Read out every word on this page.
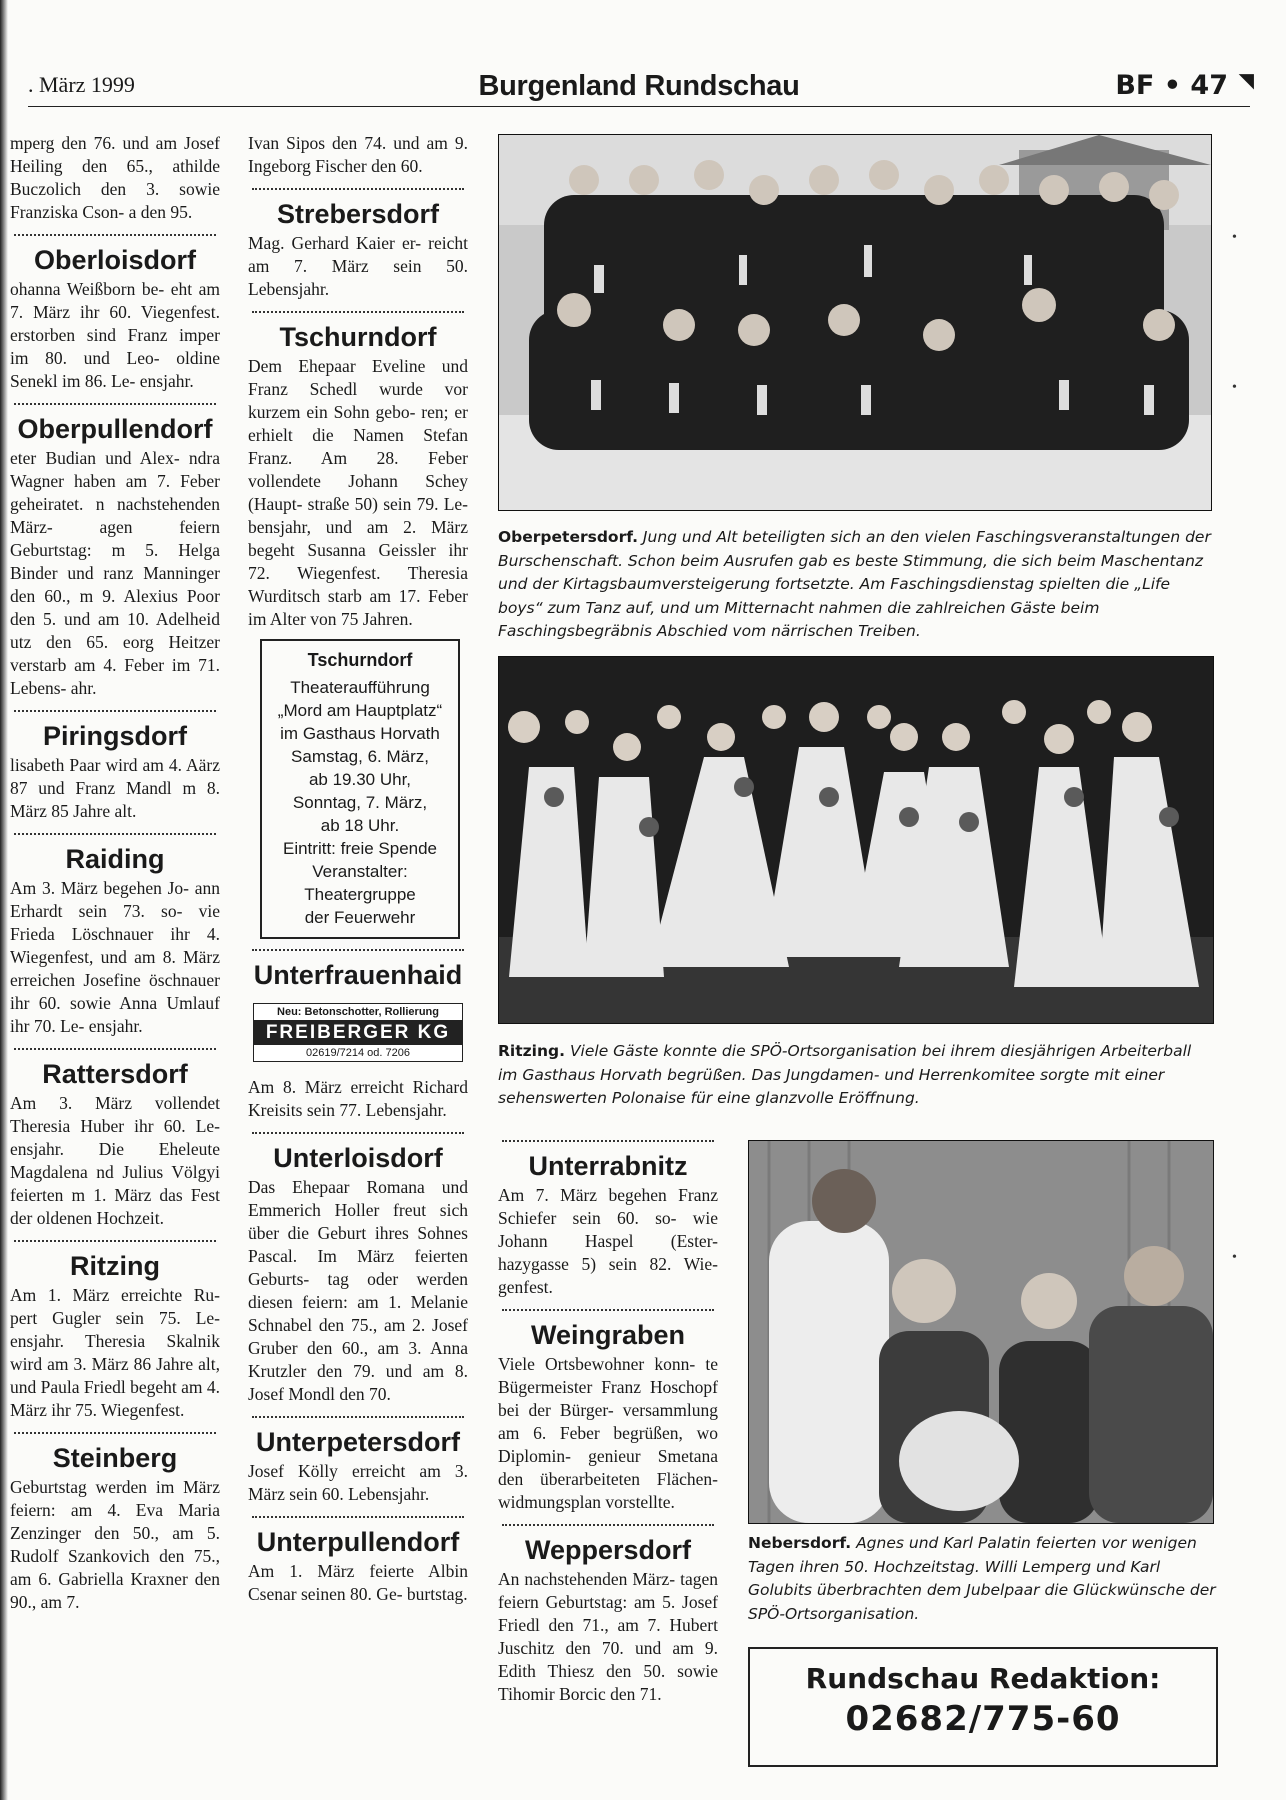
. März 1999	Burgenland Rundschau	BF • 47 ◥

mperg den 76. und am Josef Heiling den 65., athilde Buczolich den 3. sowie Franziska Cson- a den 95.

Oberloisdorf

ohanna Weißborn be- eht am 7. März ihr 60. Viegenfest. erstorben sind Franz imper im 80. und Leo- oldine Senekl im 86. Le- ensjahr.

Oberpullendorf

eter Budian und Alex- ndra Wagner haben am 7. Feber geheiratet. n nachstehenden März- agen feiern Geburtstag: m 5. Helga Binder und ranz Manninger den 60., m 9. Alexius Poor den 5. und am 10. Adelheid utz den 65. eorg Heitzer verstarb am 4. Feber im 71. Lebens- ahr.

Piringsdorf

lisabeth Paar wird am 4. Aärz 87 und Franz Mandl m 8. März 85 Jahre alt.

Raiding

Am 3. März begehen Jo- ann Erhardt sein 73. so- vie Frieda Löschnauer ihr 4. Wiegenfest, und am 8. März erreichen Josefine öschnauer ihr 60. sowie Anna Umlauf ihr 70. Le- ensjahr.

Rattersdorf

Am 3. März vollendet Theresia Huber ihr 60. Le- ensjahr. Die Eheleute Magdalena nd Julius Völgyi feierten m 1. März das Fest der oldenen Hochzeit.

Ritzing

Am 1. März erreichte Ru- pert Gugler sein 75. Le- ensjahr. Theresia Skalnik wird am 3. März 86 Jahre alt, und Paula Friedl begeht am 4. März ihr 75. Wiegenfest.

Steinberg

Geburtstag werden im März feiern: am 4. Eva Maria Zenzinger den 50., am 5. Rudolf Szankovich den 75., am 6. Gabriella Kraxner den 90., am 7.

Ivan Sipos den 74. und am 9. Ingeborg Fischer den 60.

Strebersdorf

Mag. Gerhard Kaier er- reicht am 7. März sein 50. Lebensjahr.

Tschurndorf

Dem Ehepaar Eveline und Franz Schedl wurde vor kurzem ein Sohn gebo- ren; er erhielt die Namen Stefan Franz. Am 28. Feber vollendete Johann Schey (Haupt- straße 50) sein 79. Le- bensjahr, und am 2. März begeht Susanna Geissler ihr 72. Wiegenfest. Theresia Wurditsch starb am 17. Feber im Alter von 75 Jahren.

Tschurndorf
Theateraufführung
„Mord am Hauptplatz“
im Gasthaus Horvath
Samstag, 6. März,
ab 19.30 Uhr,
Sonntag, 7. März,
ab 18 Uhr.
Eintritt: freie Spende
Veranstalter:
Theatergruppe
der Feuerwehr
Unterfrauenhaid
Neu: Betonschotter, Rollierung
FREIBERGER KG
02619/7214 od. 7206

Am 8. März erreicht Richard Kreisits sein 77. Lebensjahr.

Unterloisdorf

Das Ehepaar Romana und Emmerich Holler freut sich über die Geburt ihres Sohnes Pascal. Im März feierten Geburts- tag oder werden diesen feiern: am 1. Melanie Schnabel den 75., am 2. Josef Gruber den 60., am 3. Anna Krutzler den 79. und am 8. Josef Mondl den 70.

Unterpetersdorf

Josef Kölly erreicht am 3. März sein 60. Lebensjahr.

Unterpullendorf

Am 1. März feierte Albin Csenar seinen 80. Ge- burtstag.

Oberpetersdorf. Jung und Alt beteiligten sich an den vielen Faschingsveranstaltungen der Burschenschaft. Schon beim Ausrufen gab es beste Stimmung, die sich beim Maschentanz und der Kirtagsbaumversteigerung fortsetzte. Am Faschingsdienstag spielten die „Life boys“ zum Tanz auf, und um Mitternacht nahmen die zahlreichen Gäste beim Faschingsbegräbnis Abschied vom närrischen Treiben.
Ritzing. Viele Gäste konnte die SPÖ-Ortsorganisation bei ihrem diesjährigen Arbeiterball im Gasthaus Horvath begrüßen. Das Jungdamen- und Herrenkomitee sorgte mit einer sehenswerten Polonaise für eine glanzvolle Eröffnung.
Unterrabnitz

Am 7. März begehen Franz Schiefer sein 60. so- wie Johann Haspel (Ester- hazygasse 5) sein 82. Wie- genfest.

Weingraben

Viele Ortsbewohner konn- te Bügermeister Franz Hoschopf bei der Bürger- versammlung am 6. Feber begrüßen, wo Diplomin- genieur Smetana den überarbeiteten Flächen- widmungsplan vorstellte.

Weppersdorf

An nachstehenden März- tagen feiern Geburtstag: am 5. Josef Friedl den 71., am 7. Hubert Juschitz den 70. und am 9. Edith Thiesz den 50. sowie Tihomir Borcic den 71.

Nebersdorf. Agnes und Karl Palatin feierten vor wenigen Tagen ihren 50. Hochzeitstag. Willi Lemperg und Karl Golubits überbrachten dem Jubelpaar die Glückwünsche der SPÖ-Ortsorganisation.
Rundschau Redaktion:
02682/775-60
•
•
•
